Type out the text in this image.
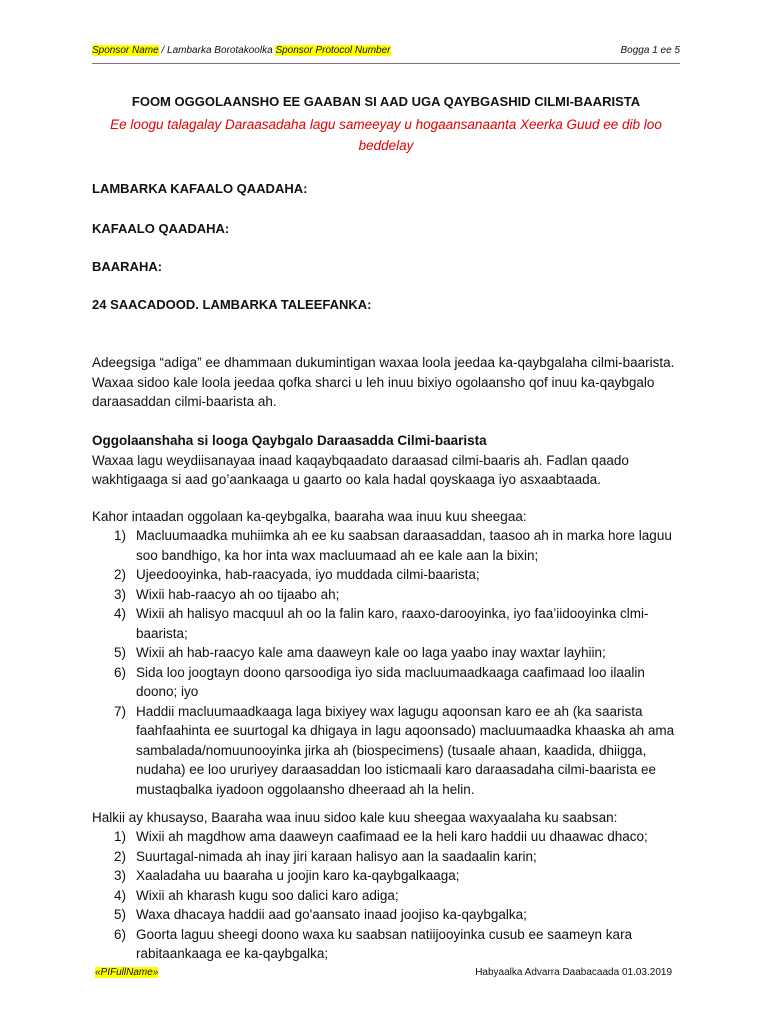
Sponsor Name / Lambarka Borotakoolka Sponsor Protocol Number	Bogga 1 ee 5
FOOM OGGOLAANSHO EE GAABAN SI AAD UGA QAYBGASHID CILMI-BAARISTA
Ee loogu talagalay Daraasadaha lagu sameeyay u hogaansanaanta Xeerka Guud ee dib loo beddelay
LAMBARKA KAFAALO QAADAHA:
KAFAALO QAADAHA:
BAARAHA:
24 SAACADOOD. LAMBARKA TALEEFANKA:
Adeegsiga “adiga” ee dhammaan dukumintigan waxaa loola jeedaa ka-qaybgalaha cilmi-baarista. Waxaa sidoo kale loola jeedaa qofka sharci u leh inuu bixiyo ogolaansho qof inuu ka-qaybgalo daraasaddan cilmi-baarista ah.
Oggolaanshaha si looga Qaybgalo Daraasadda Cilmi-baarista
Waxaa lagu weydiisanayaa inaad kaqaybqaadato daraasad cilmi-baaris ah. Fadlan qaado wakhtigaaga si aad go’aankaaga u gaarto oo kala hadal qoyskaaga iyo asxaabtaada.
Kahor intaadan oggolaan ka-qeybgalka, baaraha waa inuu kuu sheegaa:
1) Macluumaadka muhiimka ah ee ku saabsan daraasaddan, taasoo ah in marka hore laguu soo bandhigo, ka hor inta wax macluumaad ah ee kale aan la bixin;
2) Ujeedooyinka, hab-raacyada, iyo muddada cilmi-baarista;
3) Wixii hab-raacyo ah oo tijaabo ah;
4) Wixii ah halisyo macquul ah oo la falin karo, raaxo-darooyinka, iyo faa’iidooyinka clmi-baarista;
5) Wixii ah hab-raacyo kale ama daaweyn kale oo laga yaabo inay waxtar layhiin;
6) Sida loo joogtayn doono qarsoodiga iyo sida macluumaadkaaga caafimaad loo ilaalin doono; iyo
7) Haddii macluumaadkaaga laga bixiyey wax lagugu aqoonsan karo ee ah (ka saarista faahfaahinta ee suurtogal ka dhigaya in lagu aqoonsado) macluumaadka khaaska ah ama sambalada/nomuunooyinka jirka ah (biospecimens) (tusaale ahaan, kaadida, dhiigga, nudaha) ee loo ururiyey daraasaddan loo isticmaali karo daraasadaha cilmi-baarista ee mustaqbalka iyadoon oggolaansho dheeraad ah la helin.
Halkii ay khusayso, Baaraha waa inuu sidoo kale kuu sheegaa waxyaalaha ku saabsan:
1) Wixii ah magdhow ama daaweyn caafimaad ee la heli karo haddii uu dhaawac dhaco;
2) Suurtagal-nimada ah inay jiri karaan halisyo aan la saadaalin karin;
3) Xaaladaha uu baaraha u joojin karo ka-qaybgalkaaga;
4) Wixii ah kharash kugu soo dalici karo adiga;
5) Waxa dhacaya haddii aad go'aansato inaad joojiso ka-qaybgalka;
6) Goorta laguu sheegi doono waxa ku saabsan natiijooyinka cusub ee saameyn kara rabitaankaaga ee ka-qaybgalka;
«PIFullName»	Habyaalka Advarra Daabacaada 01.03.2019
